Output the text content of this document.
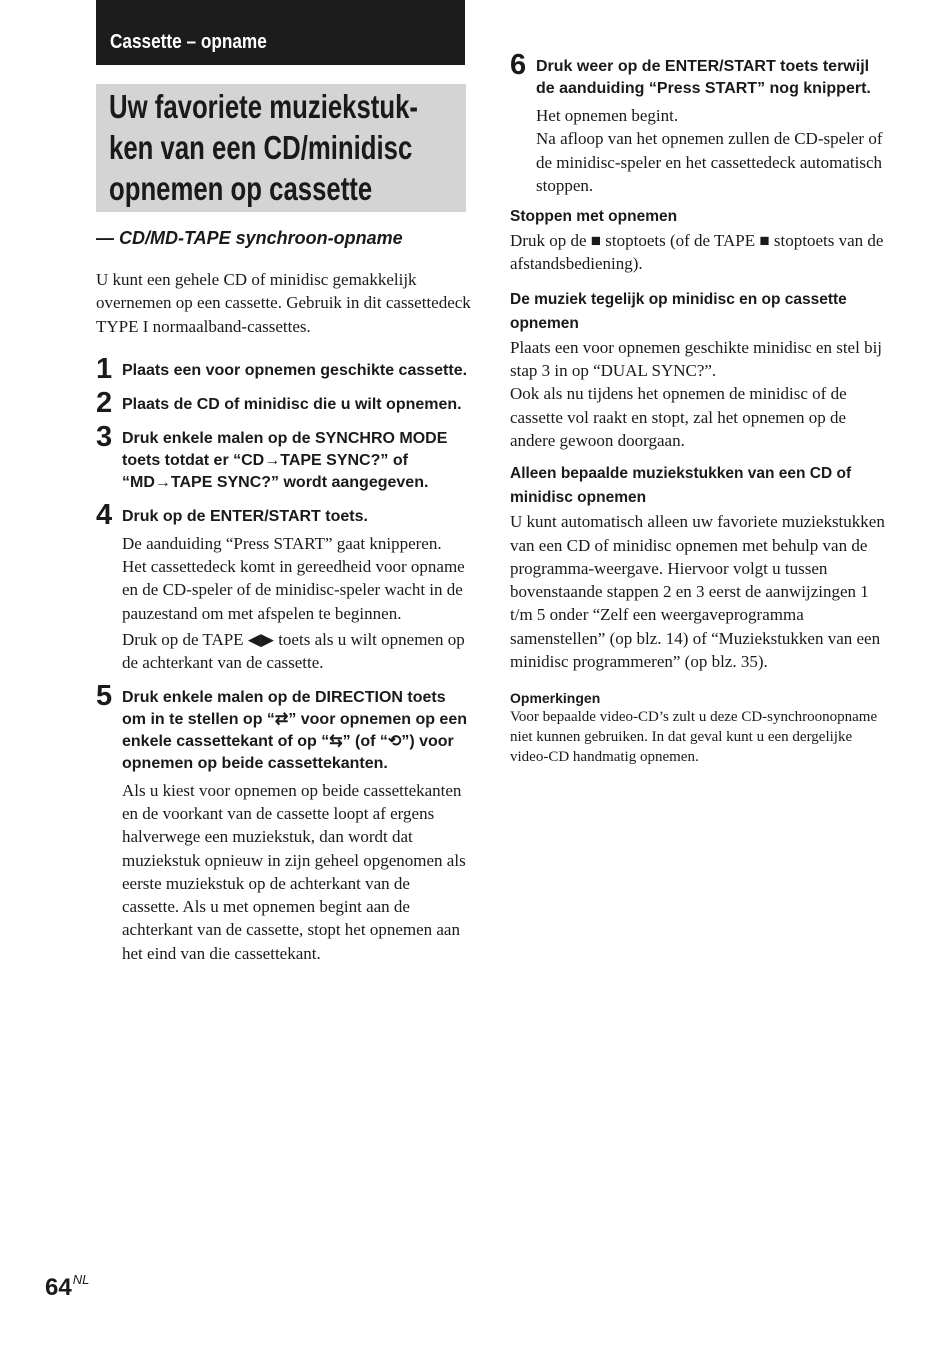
Cassette – opname
Uw favoriete muziekstuk-
ken van een CD/minidisc
opnemen op cassette
— CD/MD-TAPE synchroon-opname

U kunt een gehele CD of minidisc gemakkelijk overnemen op een cassette. Gebruik in dit cassettedeck TYPE I normaalband-cassettes.

1 Plaats een voor opnemen geschikte cassette.

2 Plaats de CD of minidisc die u wilt opnemen.

3 Druk enkele malen op de SYNCHRO MODE toets totdat er “CD→TAPE SYNC?” of “MD→TAPE SYNC?” wordt aangegeven.

4 Druk op de ENTER/START toets.

De aanduiding “Press START” gaat knipperen.

Het cassettedeck komt in gereedheid voor opname en de CD-speler of de minidisc-speler wacht in de pauzestand om met afspelen te beginnen.

Druk op de TAPE ◀▶ toets als u wilt opnemen op de achterkant van de cassette.

5 Druk enkele malen op de DIRECTION toets om in te stellen op “⇄” voor opnemen op een enkele cassettekant of op “⇆” (of “⟲”) voor opnemen op beide cassettekanten.

Als u kiest voor opnemen op beide cassettekanten en de voorkant van de cassette loopt af ergens halverwege een muziekstuk, dan wordt dat muziekstuk opnieuw in zijn geheel opgenomen als eerste muziekstuk op de achterkant van de cassette. Als u met opnemen begint aan de achterkant van de cassette, stopt het opnemen aan het eind van die cassettekant.

6 Druk weer op de ENTER/START toets terwijl de aanduiding “Press START” nog knippert.

Het opnemen begint.

Na afloop van het opnemen zullen de CD-speler of de minidisc-speler en het cassettedeck automatisch stoppen.

Stoppen met opnemen

Druk op de ■ stoptoets (of de TAPE ■ stoptoets van de afstandsbediening).

De muziek tegelijk op minidisc en op cassette opnemen

Plaats een voor opnemen geschikte minidisc en stel bij stap 3 in op “DUAL SYNC?”.

Ook als nu tijdens het opnemen de minidisc of de cassette vol raakt en stopt, zal het opnemen op de andere gewoon doorgaan.

Alleen bepaalde muziekstukken van een CD of minidisc opnemen

U kunt automatisch alleen uw favoriete muziekstukken van een CD of minidisc opnemen met behulp van de programma-weergave. Hiervoor volgt u tussen bovenstaande stappen 2 en 3 eerst de aanwijzingen 1 t/m 5 onder “Zelf een weergaveprogramma samenstellen” (op blz. 14) of “Muziekstukken van een minidisc programmeren” (op blz. 35).

Opmerkingen

Voor bepaalde video-CD’s zult u deze CD-synchroonopname niet kunnen gebruiken. In dat geval kunt u een dergelijke video-CD handmatig opnemen.

$64^{NL}$
